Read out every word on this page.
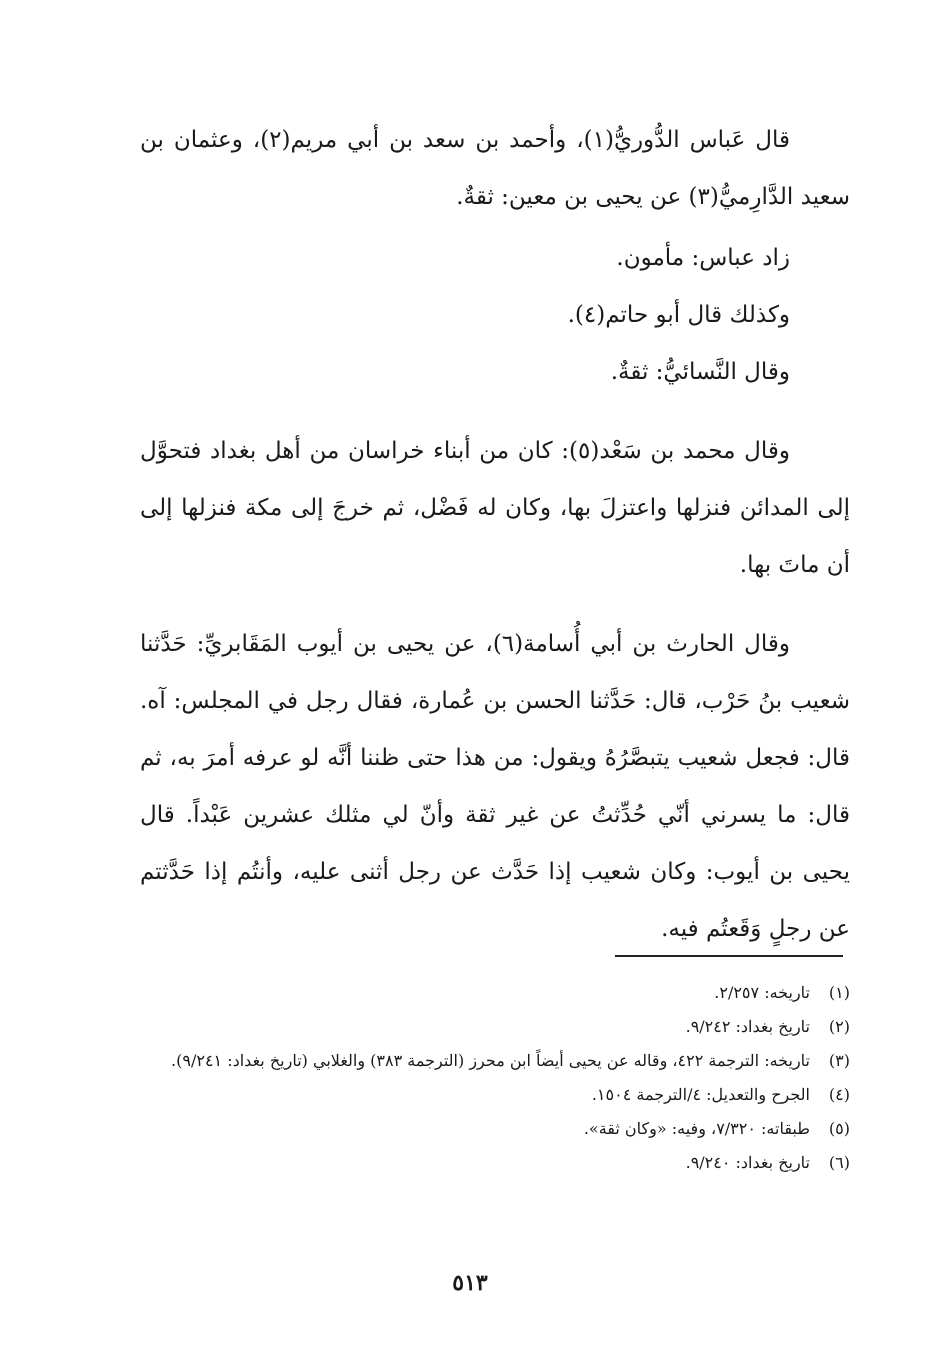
قال عَباس الدُّوريُّ(١)، وأحمد بن سعد بن أبي مريم(٢)، وعثمان بن سعيد الدَّارِميُّ(٣) عن يحيى بن معين: ثقةٌ.

زاد عباس: مأمون.

وكذلك قال أبو حاتم(٤).

وقال النَّسائيُّ: ثقةٌ.

وقال محمد بن سَعْد(٥): كان من أبناء خراسان من أهل بغداد فتحوَّل إلى المدائن فنزلها واعتزلَ بها، وكان له فَضْل، ثم خرجَ إلى مكة فنزلها إلى أن ماتَ بها.

وقال الحارث بن أبي أُسامة(٦)، عن يحيى بن أيوب المَقَابريِّ: حَدَّثنا شعيب بنُ حَرْب، قال: حَدَّثنا الحسن بن عُمارة، فقال رجل في المجلس: آه. قال: فجعل شعيب يتبصَّرُهُ ويقول: من هذا حتى ظننا أنَّه لو عرفه أمرَ به، ثم قال: ما يسرني أنّي حُدِّثتُ عن غير ثقة وأنّ لي مثلك عشرين عَبْداً. قال يحيى بن أيوب: وكان شعيب إذا حَدَّث عن رجل أثنى عليه، وأنتُم إذا حَدَّثتم عن رجلٍ وَقَعتُم فيه.

(١)
تاريخه: ٢/٢٥٧.
(٢)
تاريخ بغداد: ٩/٢٤٢.
(٣)
تاريخه: الترجمة ٤٢٢، وقاله عن يحيى أيضاً ابن محرز (الترجمة ٣٨٣) والغلابي (تاريخ بغداد: ٩/٢٤١).
(٤)
الجرح والتعديل: ٤/الترجمة ١٥٠٤.
(٥)
طبقاته: ٧/٣٢٠، وفيه: «وكان ثقة».
(٦)
تاريخ بغداد: ٩/٢٤٠.
٥١٣
